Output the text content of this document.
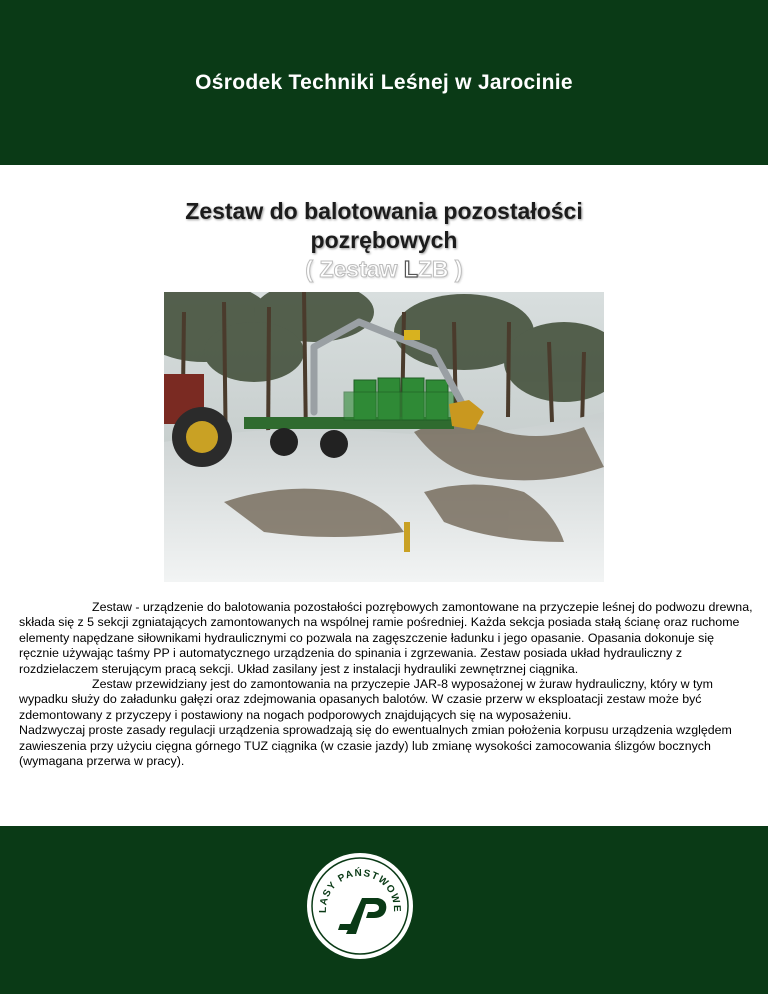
Ośrodek Techniki Leśnej w Jarocinie
Zestaw do balotowania pozostałości
pozrębowych
( Zestaw LZB )

Zestaw - urządzenie do balotowania pozostałości pozrębowych zamontowane na przyczepie leśnej do podwozu drewna, składa się z 5 sekcji zgniatających zamontowanych na wspólnej ramie pośredniej. Każda sekcja posiada stałą ścianę oraz ruchome elementy napędzane siłownikami hydraulicznymi co pozwala na zagęszczenie ładunku i jego opasanie. Opasania dokonuje się ręcznie używając taśmy PP i automatycznego urządzenia do spinania i zgrzewania. Zestaw posiada układ hydrauliczny z rozdzielaczem sterującym pracą sekcji. Układ zasilany jest z instalacji hydrauliki zewnętrznej ciągnika.

Zestaw przewidziany jest do zamontowania na przyczepie JAR-8 wyposażonej w żuraw hydrauliczny, który w tym wypadku służy do załadunku gałęzi oraz zdejmowania opasanych balotów. W czasie przerw w eksploatacji zestaw może być zdemontowany z przyczepy i postawiony na nogach podporowych znajdujących się na wyposażeniu.

Nadzwyczaj proste zasady regulacji urządzenia sprowadzają się do ewentualnych zmian położenia korpusu urządzenia względem zawieszenia przy użyciu cięgna górnego TUZ ciągnika (w czasie jazdy) lub zmianę wysokości zamocowania ślizgów bocznych (wymagana przerwa w pracy).

LASY PAŃSTWOWE
